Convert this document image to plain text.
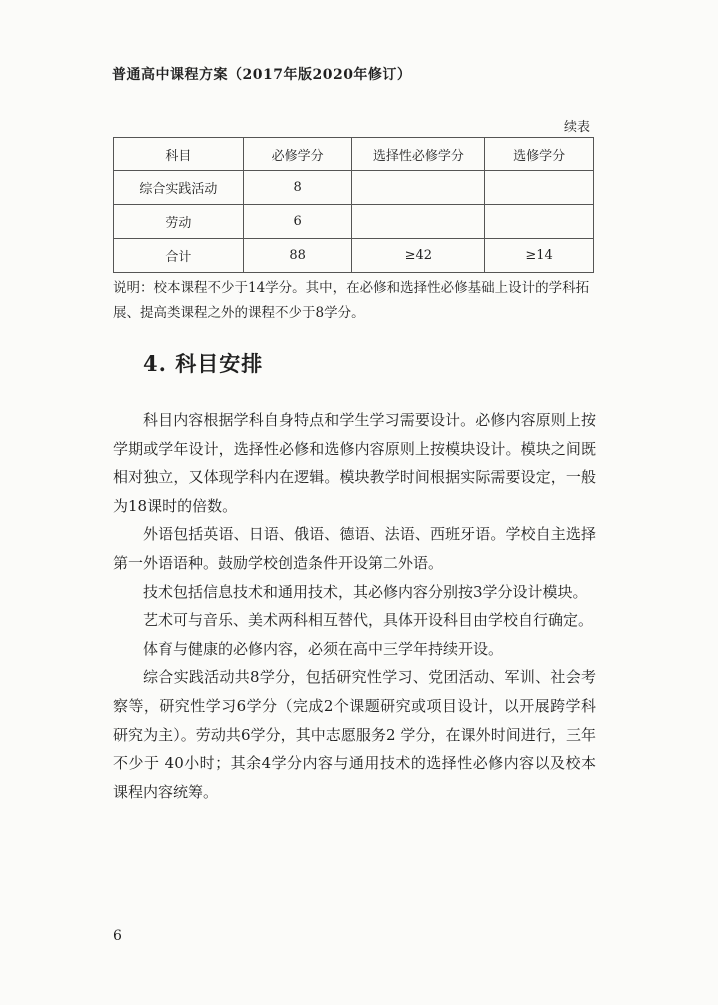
普通高中课程方案（2017年版2020年修订）
续表
科目	必修学分	选择性必修学分	选修学分
综合实践活动	8		
劳动	6		
合计	88	≥42	≥14
说明：校本课程不少于14学分。其中，在必修和选择性必修基础上设计的学科拓展、提高类课程之外的课程不少于8学分。
4. 科目安排

科目内容根据学科自身特点和学生学习需要设计。必修内容原则上按学期或学年设计，选择性必修和选修内容原则上按模块设计。模块之间既相对独立，又体现学科内在逻辑。模块教学时间根据实际需要设定，一般为18课时的倍数。

外语包括英语、日语、俄语、德语、法语、西班牙语。学校自主选择第一外语语种。鼓励学校创造条件开设第二外语。

技术包括信息技术和通用技术，其必修内容分别按3学分设计模块。

艺术可与音乐、美术两科相互替代，具体开设科目由学校自行确定。

体育与健康的必修内容，必须在高中三学年持续开设。

综合实践活动共8学分，包括研究性学习、党团活动、军训、社会考察等，研究性学习6学分（完成2个课题研究或项目设计，以开展跨学科研究为主）。劳动共6学分，其中志愿服务2 学分，在课外时间进行，三年不少于 40小时；其余4学分内容与通用技术的选择性必修内容以及校本课程内容统筹。

6
